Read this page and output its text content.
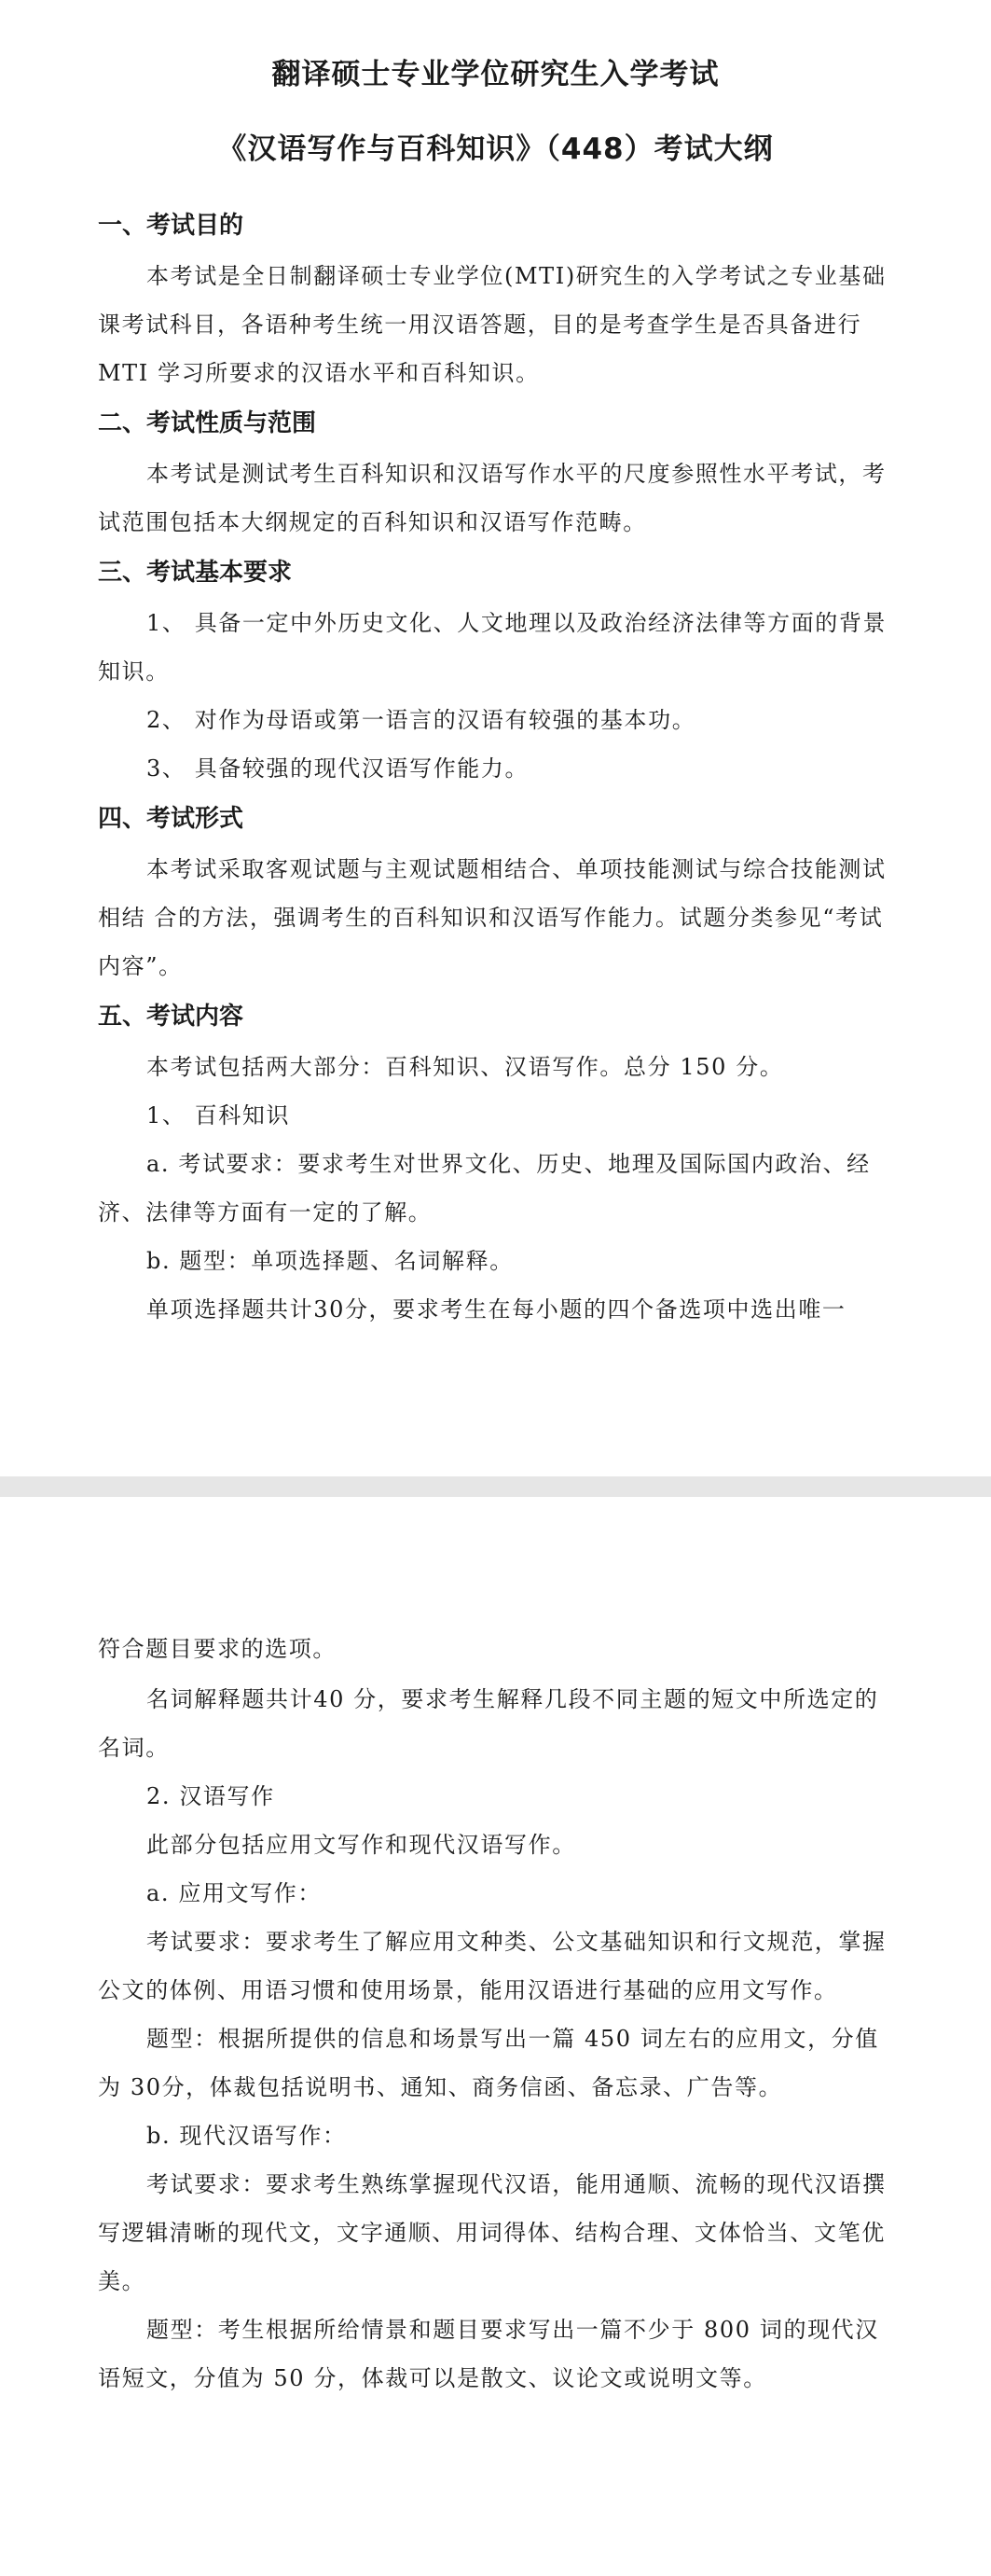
翻译硕士专业学位研究生入学考试
《汉语写作与百科知识》（448）考试大纲
一、考试目的

本考试是全日制翻译硕士专业学位(MTI)研究生的入学考试之专业基础课考试科目，各语种考生统一用汉语答题，目的是考查学生是否具备进行 MTI 学习所要求的汉语水平和百科知识。

二、考试性质与范围

本考试是测试考生百科知识和汉语写作水平的尺度参照性水平考试，考试范围包括本大纲规定的百科知识和汉语写作范畴。

三、考试基本要求

1、 具备一定中外历史文化、人文地理以及政治经济法律等方面的背景知识。

2、 对作为母语或第一语言的汉语有较强的基本功。

3、 具备较强的现代汉语写作能力。

四、考试形式

本考试采取客观试题与主观试题相结合、单项技能测试与综合技能测试相结 合的方法，强调考生的百科知识和汉语写作能力。试题分类参见“考试内容”。

五、考试内容

本考试包括两大部分：百科知识、汉语写作。总分 150 分。

1、 百科知识

a. 考试要求：要求考生对世界文化、历史、地理及国际国内政治、经济、法律等方面有一定的了解。

b. 题型：单项选择题、名词解释。

单项选择题共计30分，要求考生在每小题的四个备选项中选出唯一

符合题目要求的选项。

名词解释题共计40 分，要求考生解释几段不同主题的短文中所选定的名词。

2. 汉语写作

此部分包括应用文写作和现代汉语写作。

a. 应用文写作：

考试要求：要求考生了解应用文种类、公文基础知识和行文规范，掌握公文的体例、用语习惯和使用场景，能用汉语进行基础的应用文写作。

题型：根据所提供的信息和场景写出一篇 450 词左右的应用文，分值为 30分，体裁包括说明书、通知、商务信函、备忘录、广告等。

b. 现代汉语写作：

考试要求：要求考生熟练掌握现代汉语，能用通顺、流畅的现代汉语撰写逻辑清晰的现代文，文字通顺、用词得体、结构合理、文体恰当、文笔优美。

题型：考生根据所给情景和题目要求写出一篇不少于 800 词的现代汉语短文，分值为 50 分，体裁可以是散文、议论文或说明文等。
